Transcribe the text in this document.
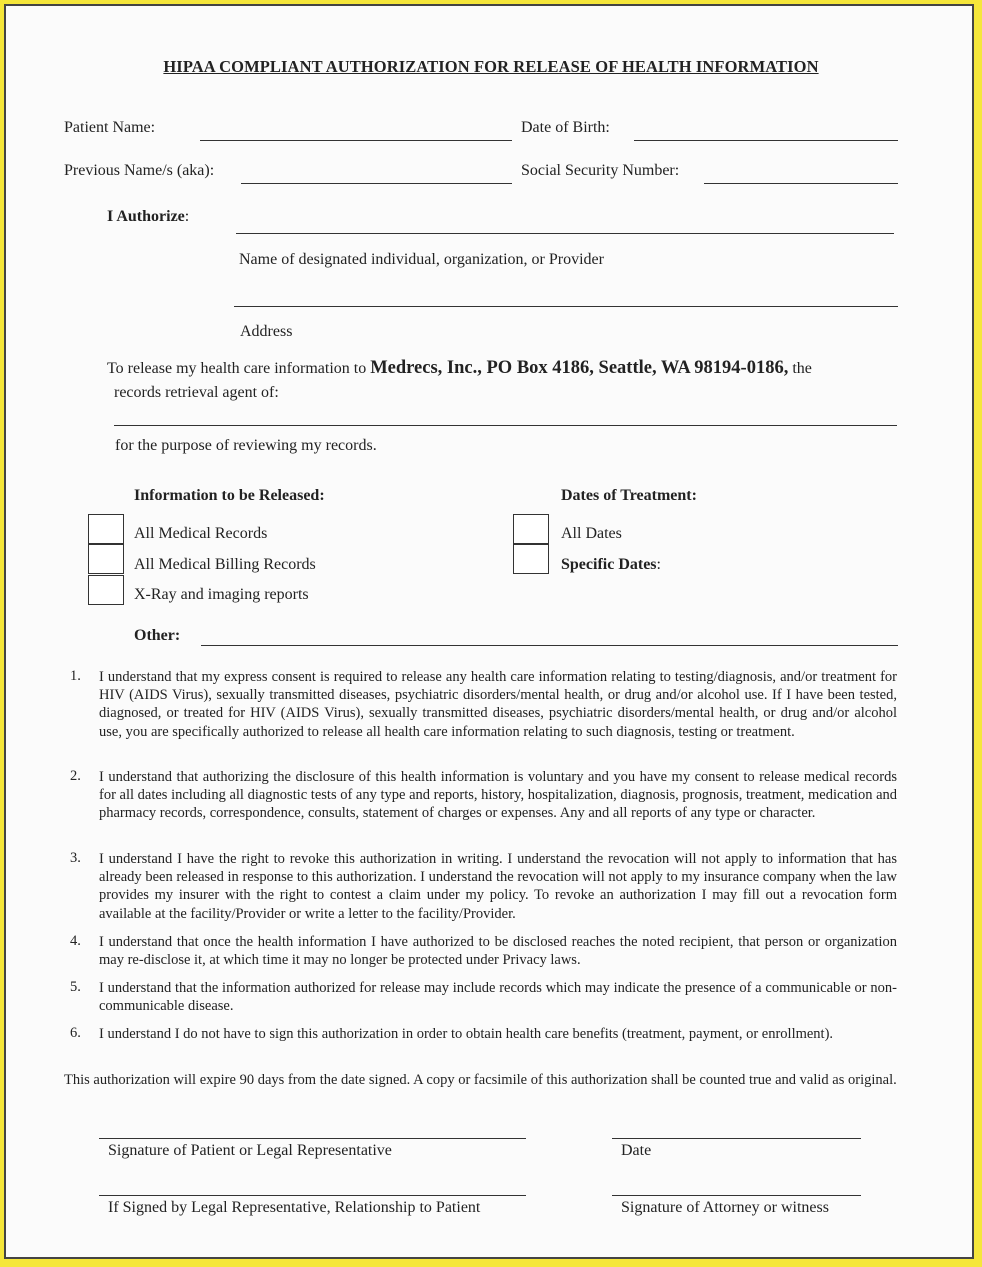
HIPAA COMPLIANT AUTHORIZATION FOR RELEASE OF HEALTH INFORMATION
Patient Name:	Date of Birth:
Previous Name/s (aka):	Social Security Number:
I Authorize:
Name of designated individual, organization, or Provider
Address
To release my health care information to Medrecs, Inc., PO Box 4186, Seattle, WA 98194-0186, the
records retrieval agent of:
for the purpose of reviewing my records.
Information to be Released:
All Medical Records
All Medical Billing Records
X-Ray and imaging reports
Dates of Treatment:
All Dates
Specific Dates:
Other:
1. I understand that my express consent is required to release any health care information relating to testing/diagnosis, and/or treatment for HIV (AIDS Virus), sexually transmitted diseases, psychiatric disorders/mental health, or drug and/or alcohol use. If I have been tested, diagnosed, or treated for HIV (AIDS Virus), sexually transmitted diseases, psychiatric disorders/mental health, or drug and/or alcohol use, you are specifically authorized to release all health care information relating to such diagnosis, testing or treatment.
2. I understand that authorizing the disclosure of this health information is voluntary and you have my consent to release medical records for all dates including all diagnostic tests of any type and reports, history, hospitalization, diagnosis, prognosis, treatment, medication and pharmacy records, correspondence, consults, statement of charges or expenses. Any and all reports of any type or character.
3. I understand I have the right to revoke this authorization in writing. I understand the revocation will not apply to information that has already been released in response to this authorization. I understand the revocation will not apply to my insurance company when the law provides my insurer with the right to contest a claim under my policy. To revoke an authorization I may fill out a revocation form available at the facility/Provider or write a letter to the facility/Provider.
4. I understand that once the health information I have authorized to be disclosed reaches the noted recipient, that person or organization may re-disclose it, at which time it may no longer be protected under Privacy laws.
5. I understand that the information authorized for release may include records which may indicate the presence of a communicable or non-communicable disease.
6. I understand I do not have to sign this authorization in order to obtain health care benefits (treatment, payment, or enrollment).
This authorization will expire 90 days from the date signed. A copy or facsimile of this authorization shall be counted true and valid as original.
Signature of Patient or Legal Representative	Date
If Signed by Legal Representative, Relationship to Patient	Signature of Attorney or witness
